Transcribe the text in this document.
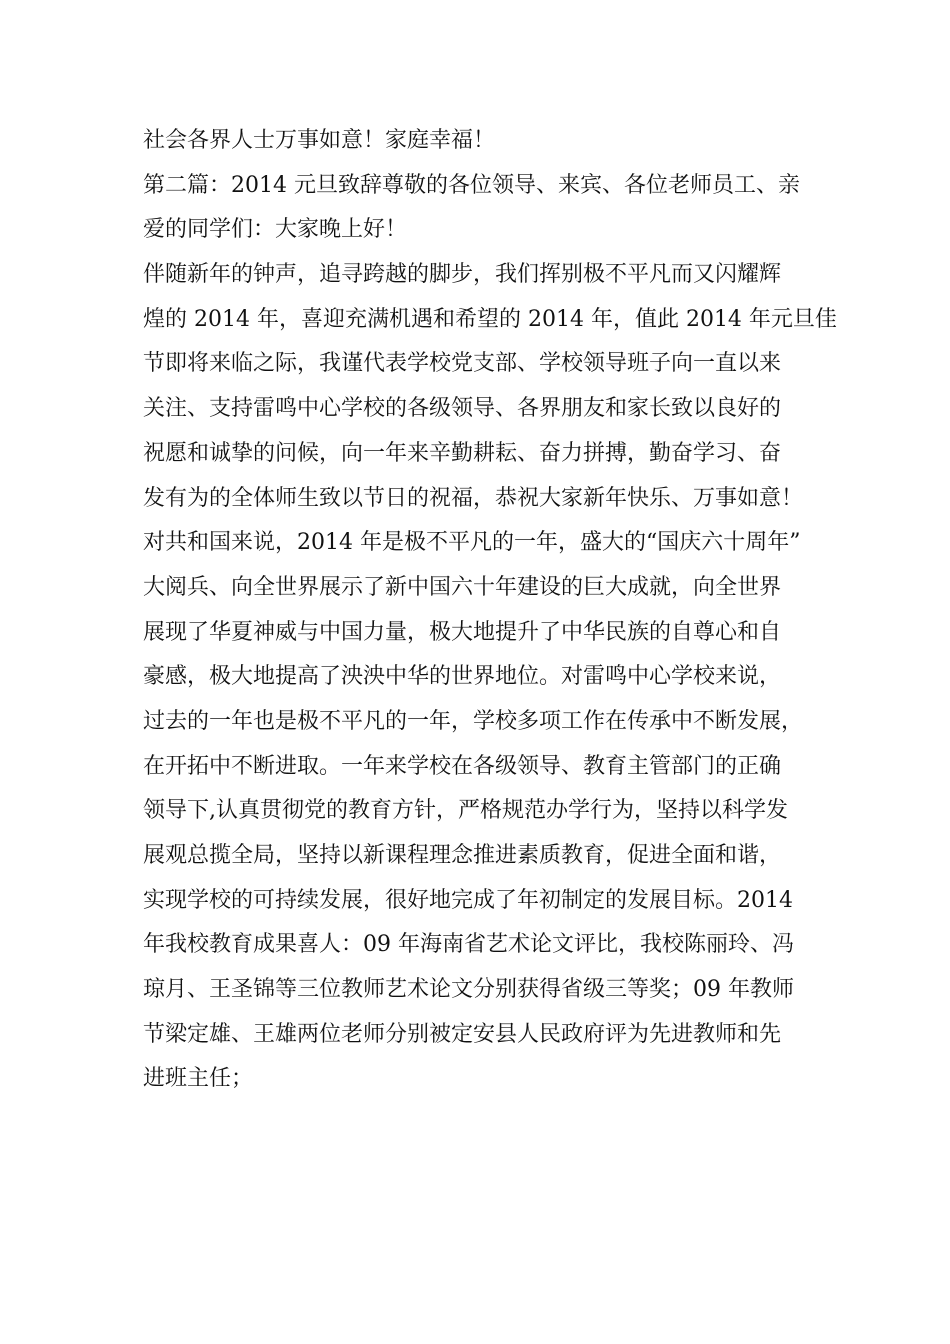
社会各界人士万事如意！家庭幸福！
第二篇：2014 元旦致辞尊敬的各位领导、来宾、各位老师员工、亲
爱的同学们：大家晚上好！
伴随新年的钟声，追寻跨越的脚步，我们挥别极不平凡而又闪耀辉
煌的 2014 年，喜迎充满机遇和希望的 2014 年，值此 2014 年元旦佳
节即将来临之际，我谨代表学校党支部、学校领导班子向一直以来
关注、支持雷鸣中心学校的各级领导、各界朋友和家长致以良好的
祝愿和诚挚的问候，向一年来辛勤耕耘、奋力拼搏，勤奋学习、奋
发有为的全体师生致以节日的祝福，恭祝大家新年快乐、万事如意！
对共和国来说，2014 年是极不平凡的一年，盛大的“国庆六十周年”
大阅兵、向全世界展示了新中国六十年建设的巨大成就，向全世界
展现了华夏神威与中国力量，极大地提升了中华民族的自尊心和自
豪感，极大地提高了泱泱中华的世界地位。对雷鸣中心学校来说，
过去的一年也是极不平凡的一年，学校多项工作在传承中不断发展，
在开拓中不断进取。一年来学校在各级领导、教育主管部门的正确
领导下,认真贯彻党的教育方针，严格规范办学行为，坚持以科学发
展观总揽全局，坚持以新课程理念推进素质教育，促进全面和谐，
实现学校的可持续发展，很好地完成了年初制定的发展目标。2014
年我校教育成果喜人：09 年海南省艺术论文评比，我校陈丽玲、冯
琼月、王圣锦等三位教师艺术论文分别获得省级三等奖；09 年教师
节梁定雄、王雄两位老师分别被定安县人民政府评为先进教师和先
进班主任；
